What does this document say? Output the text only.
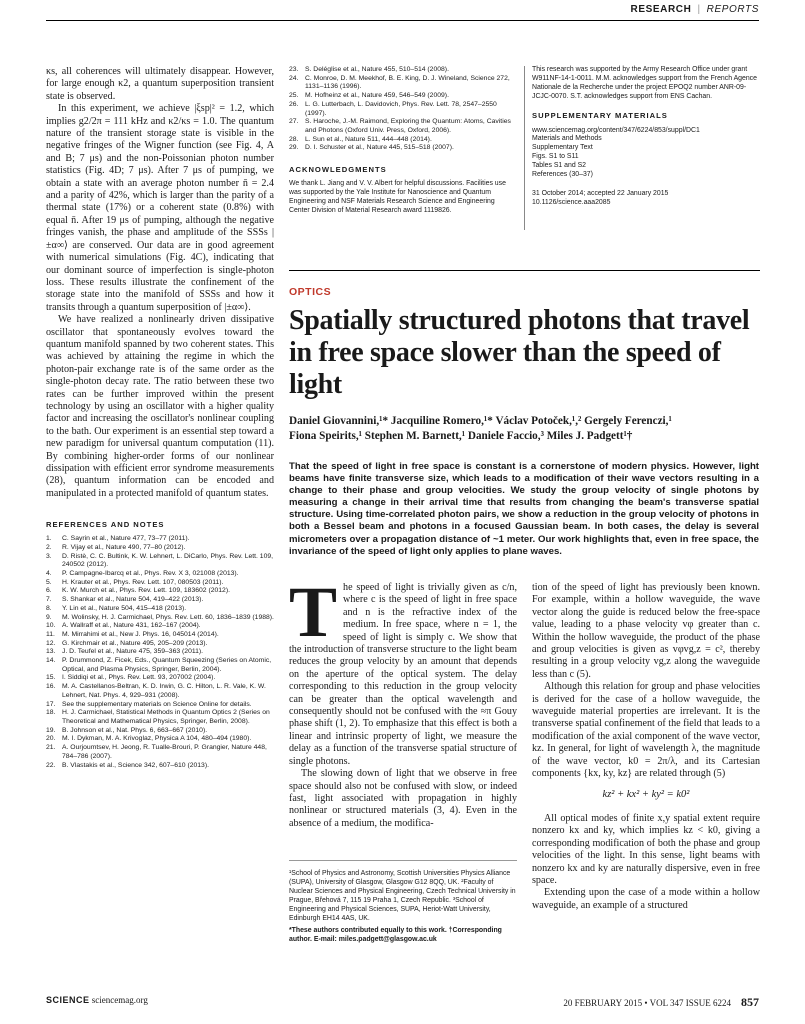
RESEARCH | REPORTS

κs, all coherences will ultimately disappear. However, for large enough κ2, a quantum superposition transient state is observed.

In this experiment, we achieve |ξsp|² = 1.2, which implies g2/2π = 111 kHz and κ2/κs = 1.0. The quantum nature of the transient storage state is visible in the negative fringes of the Wigner function (see Fig. 4, A and B; 7 μs) and the non-Poissonian photon number statistics (Fig. 4D; 7 μs). After 7 μs of pumping, we obtain a state with an average photon number n̄ = 2.4 and a parity of 42%, which is larger than the parity of a thermal state (17%) or a coherent state (0.8%) with equal n̄. After 19 μs of pumping, although the negative fringes vanish, the phase and amplitude of the SSSs |±α∞⟩ are conserved. Our data are in good agreement with numerical simulations (Fig. 4C), indicating that our dominant source of imperfection is single-photon loss. These results illustrate the confinement of the storage state into the manifold of SSSs and how it transits through a quantum superposition of |±α∞⟩.

We have realized a nonlinearly driven dissipative oscillator that spontaneously evolves toward the quantum manifold spanned by two coherent states. This was achieved by attaining the regime in which the photon-pair exchange rate is of the same order as the single-photon decay rate. The ratio between these two rates can be further improved within the present technology by using an oscillator with a higher quality factor and increasing the oscillator's nonlinear coupling to the bath. Our experiment is an essential step toward a new paradigm for universal quantum computation (11). By combining higher-order forms of our nonlinear dissipation with efficient error syndrome measurements (28), quantum information can be encoded and manipulated in a protected manifold of quantum states.

REFERENCES AND NOTES
1. C. Sayrin et al., Nature 477, 73–77 (2011).
2. R. Vijay et al., Nature 490, 77–80 (2012).
3. D. Ristè, C. C. Bultink, K. W. Lehnert, L. DiCarlo, Phys. Rev. Lett. 109, 240502 (2012).
4. P. Campagne-Ibarcq et al., Phys. Rev. X 3, 021008 (2013).
5. H. Krauter et al., Phys. Rev. Lett. 107, 080503 (2011).
6. K. W. Murch et al., Phys. Rev. Lett. 109, 183602 (2012).
7. S. Shankar et al., Nature 504, 419–422 (2013).
8. Y. Lin et al., Nature 504, 415–418 (2013).
9. M. Wolinsky, H. J. Carmichael, Phys. Rev. Lett. 60, 1836–1839 (1988).
10. A. Wallraff et al., Nature 431, 162–167 (2004).
11. M. Mirrahimi et al., New J. Phys. 16, 045014 (2014).
12. G. Kirchmair et al., Nature 495, 205–209 (2013).
13. J. D. Teufel et al., Nature 475, 359–363 (2011).
14. P. Drummond, Z. Ficek, Eds., Quantum Squeezing (Series on Atomic, Optical, and Plasma Physics, Springer, Berlin, 2004).
15. I. Siddiqi et al., Phys. Rev. Lett. 93, 207002 (2004).
16. M. A. Castellanos-Beltran, K. D. Irwin, G. C. Hilton, L. R. Vale, K. W. Lehnert, Nat. Phys. 4, 929–931 (2008).
17. See the supplementary materials on Science Online for details.
18. H. J. Carmichael, Statistical Methods in Quantum Optics 2 (Series on Theoretical and Mathematical Physics, Springer, Berlin, 2008).
19. B. Johnson et al., Nat. Phys. 6, 663–667 (2010).
20. M. I. Dykman, M. A. Krivoglaz, Physica A 104, 480–494 (1980).
21. A. Ourjoumtsev, H. Jeong, R. Tualle-Brouri, P. Grangier, Nature 448, 784–786 (2007).
22. B. Vlastakis et al., Science 342, 607–610 (2013).
23. S. Deléglise et al., Nature 455, 510–514 (2008).
24. C. Monroe, D. M. Meekhof, B. E. King, D. J. Wineland, Science 272, 1131–1136 (1996).
25. M. Hofheinz et al., Nature 459, 546–549 (2009).
26. L. G. Lutterbach, L. Davidovich, Phys. Rev. Lett. 78, 2547–2550 (1997).
27. S. Haroche, J.-M. Raimond, Exploring the Quantum: Atoms, Cavities and Photons (Oxford Univ. Press, Oxford, 2006).
28. L. Sun et al., Nature 511, 444–448 (2014).
29. D. I. Schuster et al., Nature 445, 515–518 (2007).
ACKNOWLEDGMENTS

We thank L. Jiang and V. V. Albert for helpful discussions. Facilities use was supported by the Yale Institute for Nanoscience and Quantum Engineering and NSF Materials Research Science and Engineering Center Division of Material Research award 1119826.

This research was supported by the Army Research Office under grant W911NF-14-1-0011. M.M. acknowledges support from the French Agence Nationale de la Recherche under the project EPOQ2 number ANR-09-JCJC-0070. S.T. acknowledges support from ENS Cachan.

SUPPLEMENTARY MATERIALS
www.sciencemag.org/content/347/6224/853/suppl/DC1
Materials and Methods
Supplementary Text
Figs. S1 to S11
Tables S1 and S2
References (30–37)
31 October 2014; accepted 22 January 2015
10.1126/science.aaa2085
OPTICS
Spatially structured photons that travel in free space slower than the speed of light
Daniel Giovannini,¹* Jacquiline Romero,¹* Václav Potoček,¹,² Gergely Ferenczi,¹
Fiona Speirits,¹ Stephen M. Barnett,¹ Daniele Faccio,³ Miles J. Padgett¹†

That the speed of light in free space is constant is a cornerstone of modern physics. However, light beams have finite transverse size, which leads to a modification of their wave vectors resulting in a change to their phase and group velocities. We study the group velocity of single photons by measuring a change in their arrival time that results from changing the beam's transverse spatial structure. Using time-correlated photon pairs, we show a reduction in the group velocity of photons in both a Bessel beam and photons in a focused Gaussian beam. In both cases, the delay is several micrometers over a propagation distance of ~1 meter. Our work highlights that, even in free space, the invariance of the speed of light only applies to plane waves.

The speed of light is trivially given as c/n, where c is the speed of light in free space and n is the refractive index of the medium. In free space, where n = 1, the speed of light is simply c. We show that the introduction of transverse structure to the light beam reduces the group velocity by an amount that depends on the aperture of the optical system. The delay corresponding to this reduction in the group velocity can be greater than the optical wavelength and consequently should not be confused with the ≈π Gouy phase shift (1, 2). To emphasize that this effect is both a linear and intrinsic property of light, we measure the delay as a function of the transverse spatial structure of single photons.

The slowing down of light that we observe in free space should also not be confused with slow, or indeed fast, light associated with propagation in highly nonlinear or structured materials (3, 4). Even in the absence of a medium, the modifica-

¹School of Physics and Astronomy, Scottish Universities Physics Alliance (SUPA), University of Glasgow, Glasgow G12 8QQ, UK. ²Faculty of Nuclear Sciences and Physical Engineering, Czech Technical University in Prague, Břehová 7, 115 19 Praha 1, Czech Republic. ³School of Engineering and Physical Sciences, SUPA, Heriot-Watt University, Edinburgh EH14 4AS, UK.

*These authors contributed equally to this work. †Corresponding author. E-mail: miles.padgett@glasgow.ac.uk

tion of the speed of light has previously been known. For example, within a hollow waveguide, the wave vector along the guide is reduced below the free-space value, leading to a phase velocity vφ greater than c. Within the hollow waveguide, the product of the phase and group velocities is given as vφvg,z = c², thereby resulting in a group velocity vg,z along the waveguide less than c (5).

Although this relation for group and phase velocities is derived for the case of a hollow waveguide, the waveguide material properties are irrelevant. It is the transverse spatial confinement of the field that leads to a modification of the axial component of the wave vector, kz. In general, for light of wavelength λ, the magnitude of the wave vector, k0 = 2π/λ, and its Cartesian components {kx, ky, kz} are related through (5)

kz² + kx² + ky² = k0²

All optical modes of finite x,y spatial extent require nonzero kx and ky, which implies kz < k0, giving a corresponding modification of both the phase and group velocities of the light. In this sense, light beams with nonzero kx and ky are naturally dispersive, even in free space.

Extending upon the case of a mode within a hollow waveguide, an example of a structured

SCIENCE sciencemag.org	20 FEBRUARY 2015 • VOL 347 ISSUE 6224 857
